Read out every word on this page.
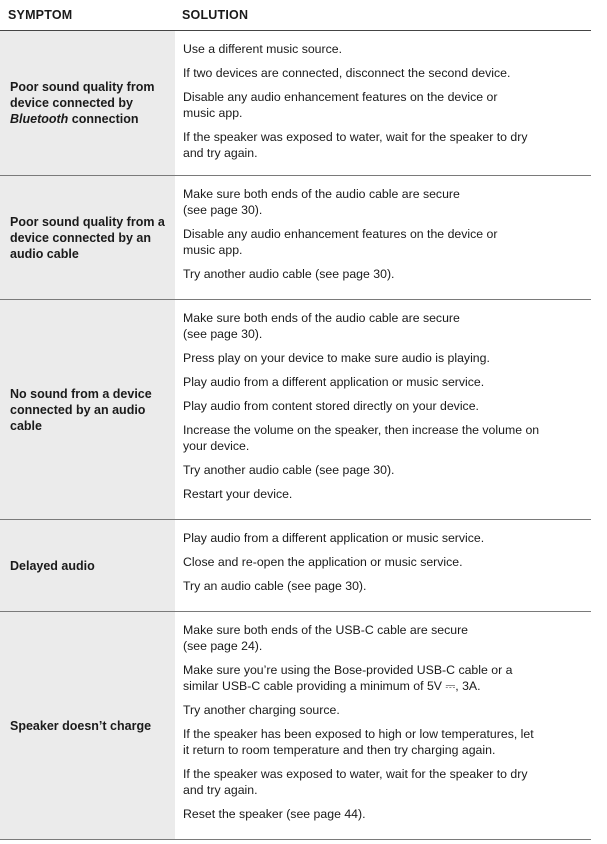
SYMPTOM	SOLUTION
Poor sound quality from device connected by Bluetooth connection
Use a different music source.
If two devices are connected, disconnect the second device.
Disable any audio enhancement features on the device or
music app.
If the speaker was exposed to water, wait for the speaker to dry
and try again.
Poor sound quality from a device connected by an audio cable
Make sure both ends of the audio cable are secure
(see page 30).
Disable any audio enhancement features on the device or
music app.
Try another audio cable (see page 30).
No sound from a device connected by an audio cable
Make sure both ends of the audio cable are secure
(see page 30).
Press play on your device to make sure audio is playing.
Play audio from a different application or music service.
Play audio from content stored directly on your device.
Increase the volume on the speaker, then increase the volume on
your device.
Try another audio cable (see page 30).
Restart your device.
Delayed audio
Play audio from a different application or music service.
Close and re-open the application or music service.
Try an audio cable (see page 30).
Speaker doesn’t charge
Make sure both ends of the USB-C cable are secure
(see page 24).
Make sure you’re using the Bose-provided USB-C cable or a
similar USB-C cable providing a minimum of 5V ⎓, 3A.
Try another charging source.
If the speaker has been exposed to high or low temperatures, let
it return to room temperature and then try charging again.
If the speaker was exposed to water, wait for the speaker to dry
and try again.
Reset the speaker (see page 44).
